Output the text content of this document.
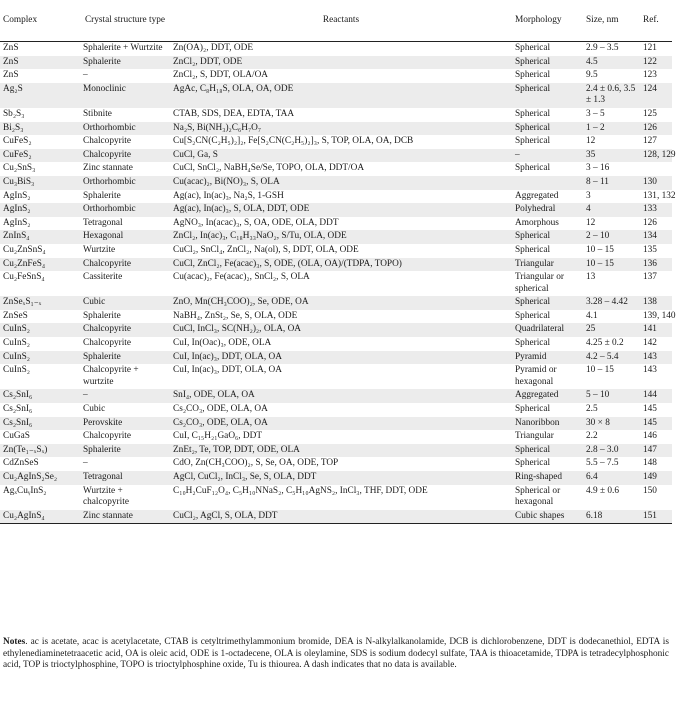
Complex	Crystal structure type	Reactants	Morphology	Size, nm	Ref.
ZnS	Sphalerite + Wurtzite	Zn(OA)₂, DDT, ODE	Spherical	2.9 – 3.5	121
ZnS	Sphalerite	ZnCl₂, DDT, ODE	Spherical	4.5	122
ZnS	–	ZnCl₂, S, DDT, OLA/OA	Spherical	9.5	123
Ag₂S	Monoclinic	AgAc, C₈H₁₈S, OLA, OA, ODE	Spherical	2.4 ± 0.6, 3.5 ± 1.3	124
Sb₂S₃	Stibnite	CTAB, SDS, DEA, EDTA, TAA	Spherical	3 – 5	125
Bi₂S₃	Orthorhombic	Na₂S, Bi(NH₃)₂C₆H₇O₇	Spherical	1 – 2	126
CuFeS₂	Chalcopyrite	Cu[S₂CN(C₂H₅)₂]₂, Fe[S₂CN(C₂H₅)₂]₃, S, TOP, OLA, OA, DCB	Spherical	12	127
CuFeS₂	Chalcopyrite	CuCl, Ga, S	–	35	128, 129
Cu₂SnS₃	Zinc stannate	CuCl, SnCl₂, NaBH₄Se/Se, TOPO, OLA, DDT/OA	Spherical	3 – 16	
Cu₃BiS₃	Orthorhombic	Cu(acac)₂, Bi(NO)₃, S, OLA		8 – 11	130
AgInS₂	Sphalerite	Ag(ac), In(ac)₃, Na₂S, 1-GSH	Aggregated	3	131, 132
AgInS₂	Orthorhombic	Ag(ac), In(ac)₃, S, OLA, DDT, ODE	Polyhedral	4	133
AgInS₂	Tetragonal	AgNO₃, In(acac)₃, S, OA, ODE, OLA, DDT	Amorphous	12	126
ZnInS₄	Hexagonal	ZnCl₂, In(ac)₃, C₁₈H₃₃NaO₂, S/Tu, OLA, ODE	Spherical	2 – 10	134
Cu₂ZnSnS₄	Wurtzite	CuCl₂, SnCl₄, ZnCl₂, Na(ol), S, DDT, OLA, ODE	Spherical	10 – 15	135
Cu₂ZnFeS₄	Chalcopyrite	CuCl, ZnCl₂, Fe(acac)₃, S, ODE, (OLA, OA)/(TDPA, TOPO)	Triangular	10 – 15	136
Cu₂FeSnS₄	Cassiterite	Cu(acac)₂, Fe(acac)₂, SnCl₂, S, OLA	Triangular or spherical	13	137
ZnSeₓS₁₋ₓ	Cubic	ZnO, Mn(CH₃COO)₂, Se, ODE, OA	Spherical	3.28 – 4.42	138
ZnSeS	Sphalerite	NaBH₄, ZnSt₂, Se, S, OLA, ODE	Spherical	4.1	139, 140
CuInS₂	Chalcopyrite	CuCl, InCl₃, SC(NH₂)₂, OLA, OA	Quadrilateral	25	141
CuInS₂	Chalcopyrite	CuI, In(Oac)₃, ODE, OLA	Spherical	4.25 ± 0.2	142
CuInS₂	Sphalerite	CuI, In(ac)₃, DDT, OLA, OA	Pyramid	4.2 – 5.4	143
CuInS₂	Chalcopyrite + wurtzite	CuI, In(ac)₃, DDT, OLA, OA	Pyramid or hexagonal	10 – 15	143
Cs₂SnI₆	–	SnI₄, ODE, OLA, OA	Aggregated	5 – 10	144
Cs₂SnI₆	Cubic	Cs₂CO₃, ODE, OLA, OA	Spherical	2.5	145
Cs₂SnI₆	Perovskite	Cs₂CO₃, ODE, OLA, OA	Nanoribbon	30 × 8	145
CuGaS	Chalcopyrite	CuI, C₁₅H₂₁GaO₆, DDT	Triangular	2.2	146
Zn(Te₁₋ₓSₓ)	Sphalerite	ZnEt₂, Te, TOP, DDT, ODE, OLA	Spherical	2.8 – 3.0	147
CdZnSeS	–	CdO, Zn(CH₃COO)₂, S, Se, OA, ODE, TOP	Spherical	5.5 – 7.5	148
Cu₂AgInS₂Se₂	Tetragonal	AgCl, CuCl₂, InCl₃, Se, S, OLA, DDT	Ring-shaped	6.4	149
AgₓCuᵧInS₂	Wurtzite + chalcopyrite	C₁₀H₂CuF₁₂O₄, C₅H₁₀NNaS₂, C₅H₁₀AgNS₂, InCl₃, THF, DDT, ODE	Spherical or hexagonal	4.9 ± 0.6	150
Cu₂AgInS₄	Zinc stannate	CuCl₂, AgCl, S, OLA, DDT	Cubic shapes	6.18	151
Notes. ac is acetate, acac is acetylacetate, CTAB is cetyltrimethylammonium bromide, DEA is N-alkylalkanolamide, DCB is dichlorobenzene, DDT is dodecanethiol, EDTA is ethylenediaminetetraacetic acid, OA is oleic acid, ODE is 1-octadecene, OLA is oleylamine, SDS is sodium dodecyl sulfate, TAA is thioacetamide, TDPA is tetradecylphosphonic acid, TOP is trioctylphosphine, TOPO is trioctylphosphine oxide, Tu is thiourea. A dash indicates that no data is available.
